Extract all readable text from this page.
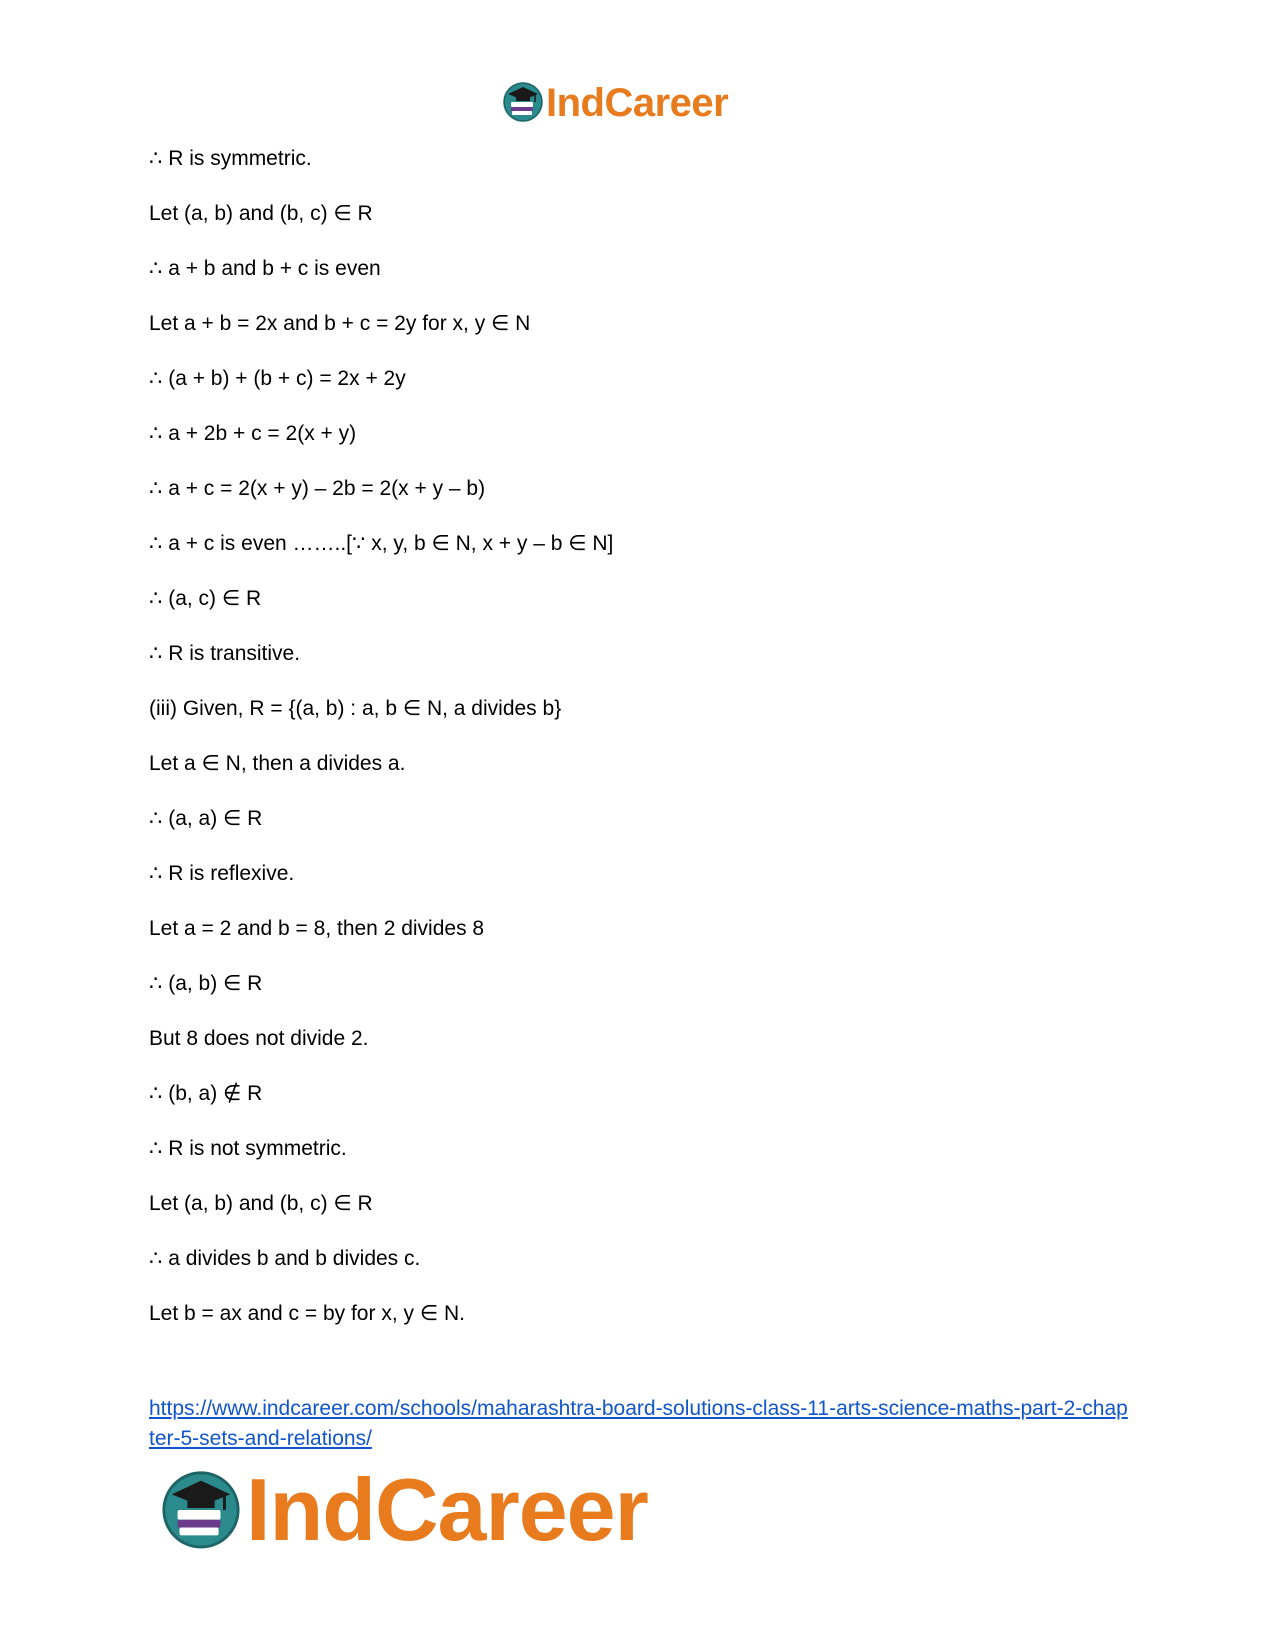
IndCareer
∴ R is symmetric.
Let (a, b) and (b, c) ∈ R
∴ a + b and b + c is even
Let a + b = 2x and b + c = 2y for x, y ∈ N
∴ (a + b) + (b + c) = 2x + 2y
∴ a + 2b + c = 2(x + y)
∴ a + c = 2(x + y) – 2b = 2(x + y – b)
∴ a + c is even ……..[∵ x, y, b ∈ N, x + y – b ∈ N]
∴ (a, c) ∈ R
∴ R is transitive.
(iii) Given, R = {(a, b) : a, b ∈ N, a divides b}
Let a ∈ N, then a divides a.
∴ (a, a) ∈ R
∴ R is reflexive.
Let a = 2 and b = 8, then 2 divides 8
∴ (a, b) ∈ R
But 8 does not divide 2.
∴ (b, a) ∉ R
∴ R is not symmetric.
Let (a, b) and (b, c) ∈ R
∴ a divides b and b divides c.
Let b = ax and c = by for x, y ∈ N.
https://www.indcareer.com/schools/maharashtra-board-solutions-class-11-arts-science-maths-part-2-chapter-5-sets-and-relations/
IndCareer
